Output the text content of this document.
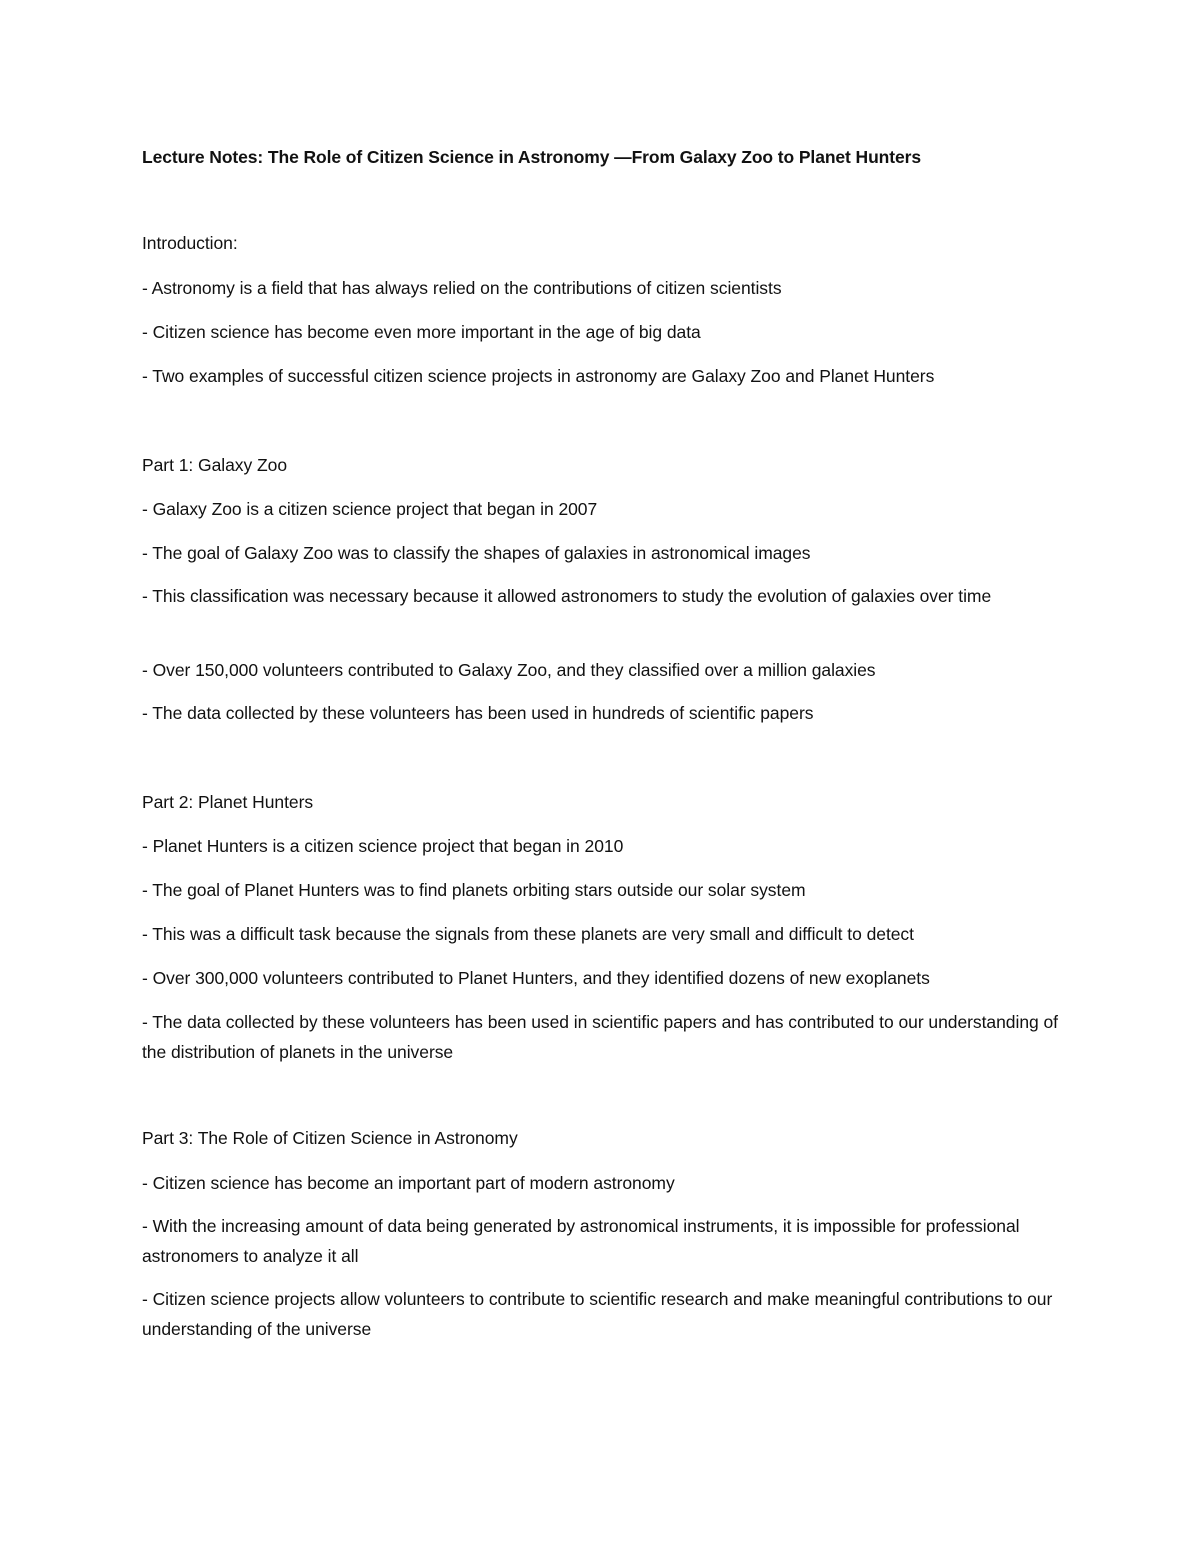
Lecture Notes: The Role of Citizen Science in Astronomy —From Galaxy Zoo to Planet Hunters
Introduction:
- Astronomy is a field that has always relied on the contributions of citizen scientists
- Citizen science has become even more important in the age of big data
- Two examples of successful citizen science projects in astronomy are Galaxy Zoo and Planet Hunters
Part 1: Galaxy Zoo
- Galaxy Zoo is a citizen science project that began in 2007
- The goal of Galaxy Zoo was to classify the shapes of galaxies in astronomical images
- This classification was necessary because it allowed astronomers to study the evolution of galaxies over time
- Over 150,000 volunteers contributed to Galaxy Zoo, and they classified over a million galaxies
- The data collected by these volunteers has been used in hundreds of scientific papers
Part 2: Planet Hunters
- Planet Hunters is a citizen science project that began in 2010
- The goal of Planet Hunters was to find planets orbiting stars outside our solar system
- This was a difficult task because the signals from these planets are very small and difficult to detect
- Over 300,000 volunteers contributed to Planet Hunters, and they identified dozens of new exoplanets
- The data collected by these volunteers has been used in scientific papers and has contributed to our understanding of the distribution of planets in the universe
Part 3: The Role of Citizen Science in Astronomy
- Citizen science has become an important part of modern astronomy
- With the increasing amount of data being generated by astronomical instruments, it is impossible for professional astronomers to analyze it all
- Citizen science projects allow volunteers to contribute to scientific research and make meaningful contributions to our understanding of the universe
